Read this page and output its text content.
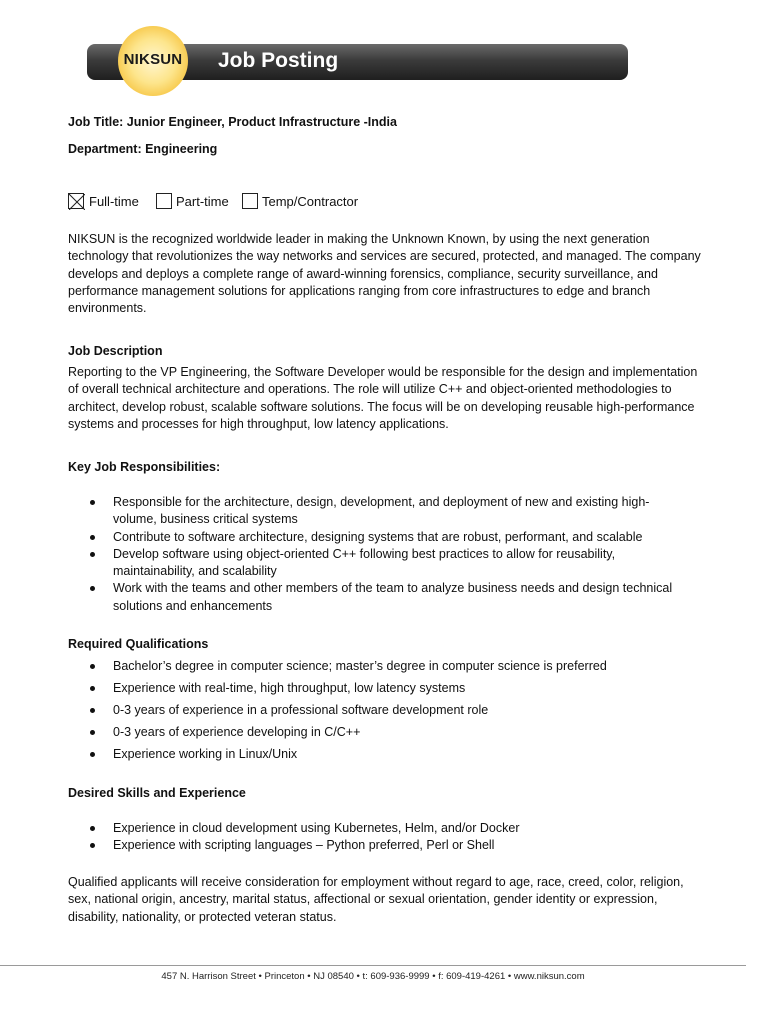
NIKSUN Job Posting
Job Title: Junior Engineer, Product Infrastructure -India
Department: Engineering
Full-time	Part-time	Temp/Contractor
NIKSUN is the recognized worldwide leader in making the Unknown Known, by using the next generation technology that revolutionizes the way networks and services are secured, protected, and managed. The company develops and deploys a complete range of award-winning forensics, compliance, security surveillance, and performance management solutions for applications ranging from core infrastructures to edge and branch environments.
Job Description
Reporting to the VP Engineering, the Software Developer would be responsible for the design and implementation of overall technical architecture and operations. The role will utilize C++ and object-oriented methodologies to architect, develop robust, scalable software solutions. The focus will be on developing reusable high-performance systems and processes for high throughput, low latency applications.
Key Job Responsibilities:
Responsible for the architecture, design, development, and deployment of new and existing high-volume, business critical systems
Contribute to software architecture, designing systems that are robust, performant, and scalable
Develop software using object-oriented C++ following best practices to allow for reusability, maintainability, and scalability
Work with the teams and other members of the team to analyze business needs and design technical solutions and enhancements
Required Qualifications
Bachelor’s degree in computer science; master’s degree in computer science is preferred
Experience with real-time, high throughput, low latency systems
0-3 years of experience in a professional software development role
0-3 years of experience developing in C/C++
Experience working in Linux/Unix
Desired Skills and Experience
Experience in cloud development using Kubernetes, Helm, and/or Docker
Experience with scripting languages – Python preferred, Perl or Shell
Qualified applicants will receive consideration for employment without regard to age, race, creed, color, religion, sex, national origin, ancestry, marital status, affectional or sexual orientation, gender identity or expression, disability, nationality, or protected veteran status.
457 N. Harrison Street • Princeton • NJ 08540 • t: 609-936-9999 • f: 609-419-4261 • www.niksun.com
